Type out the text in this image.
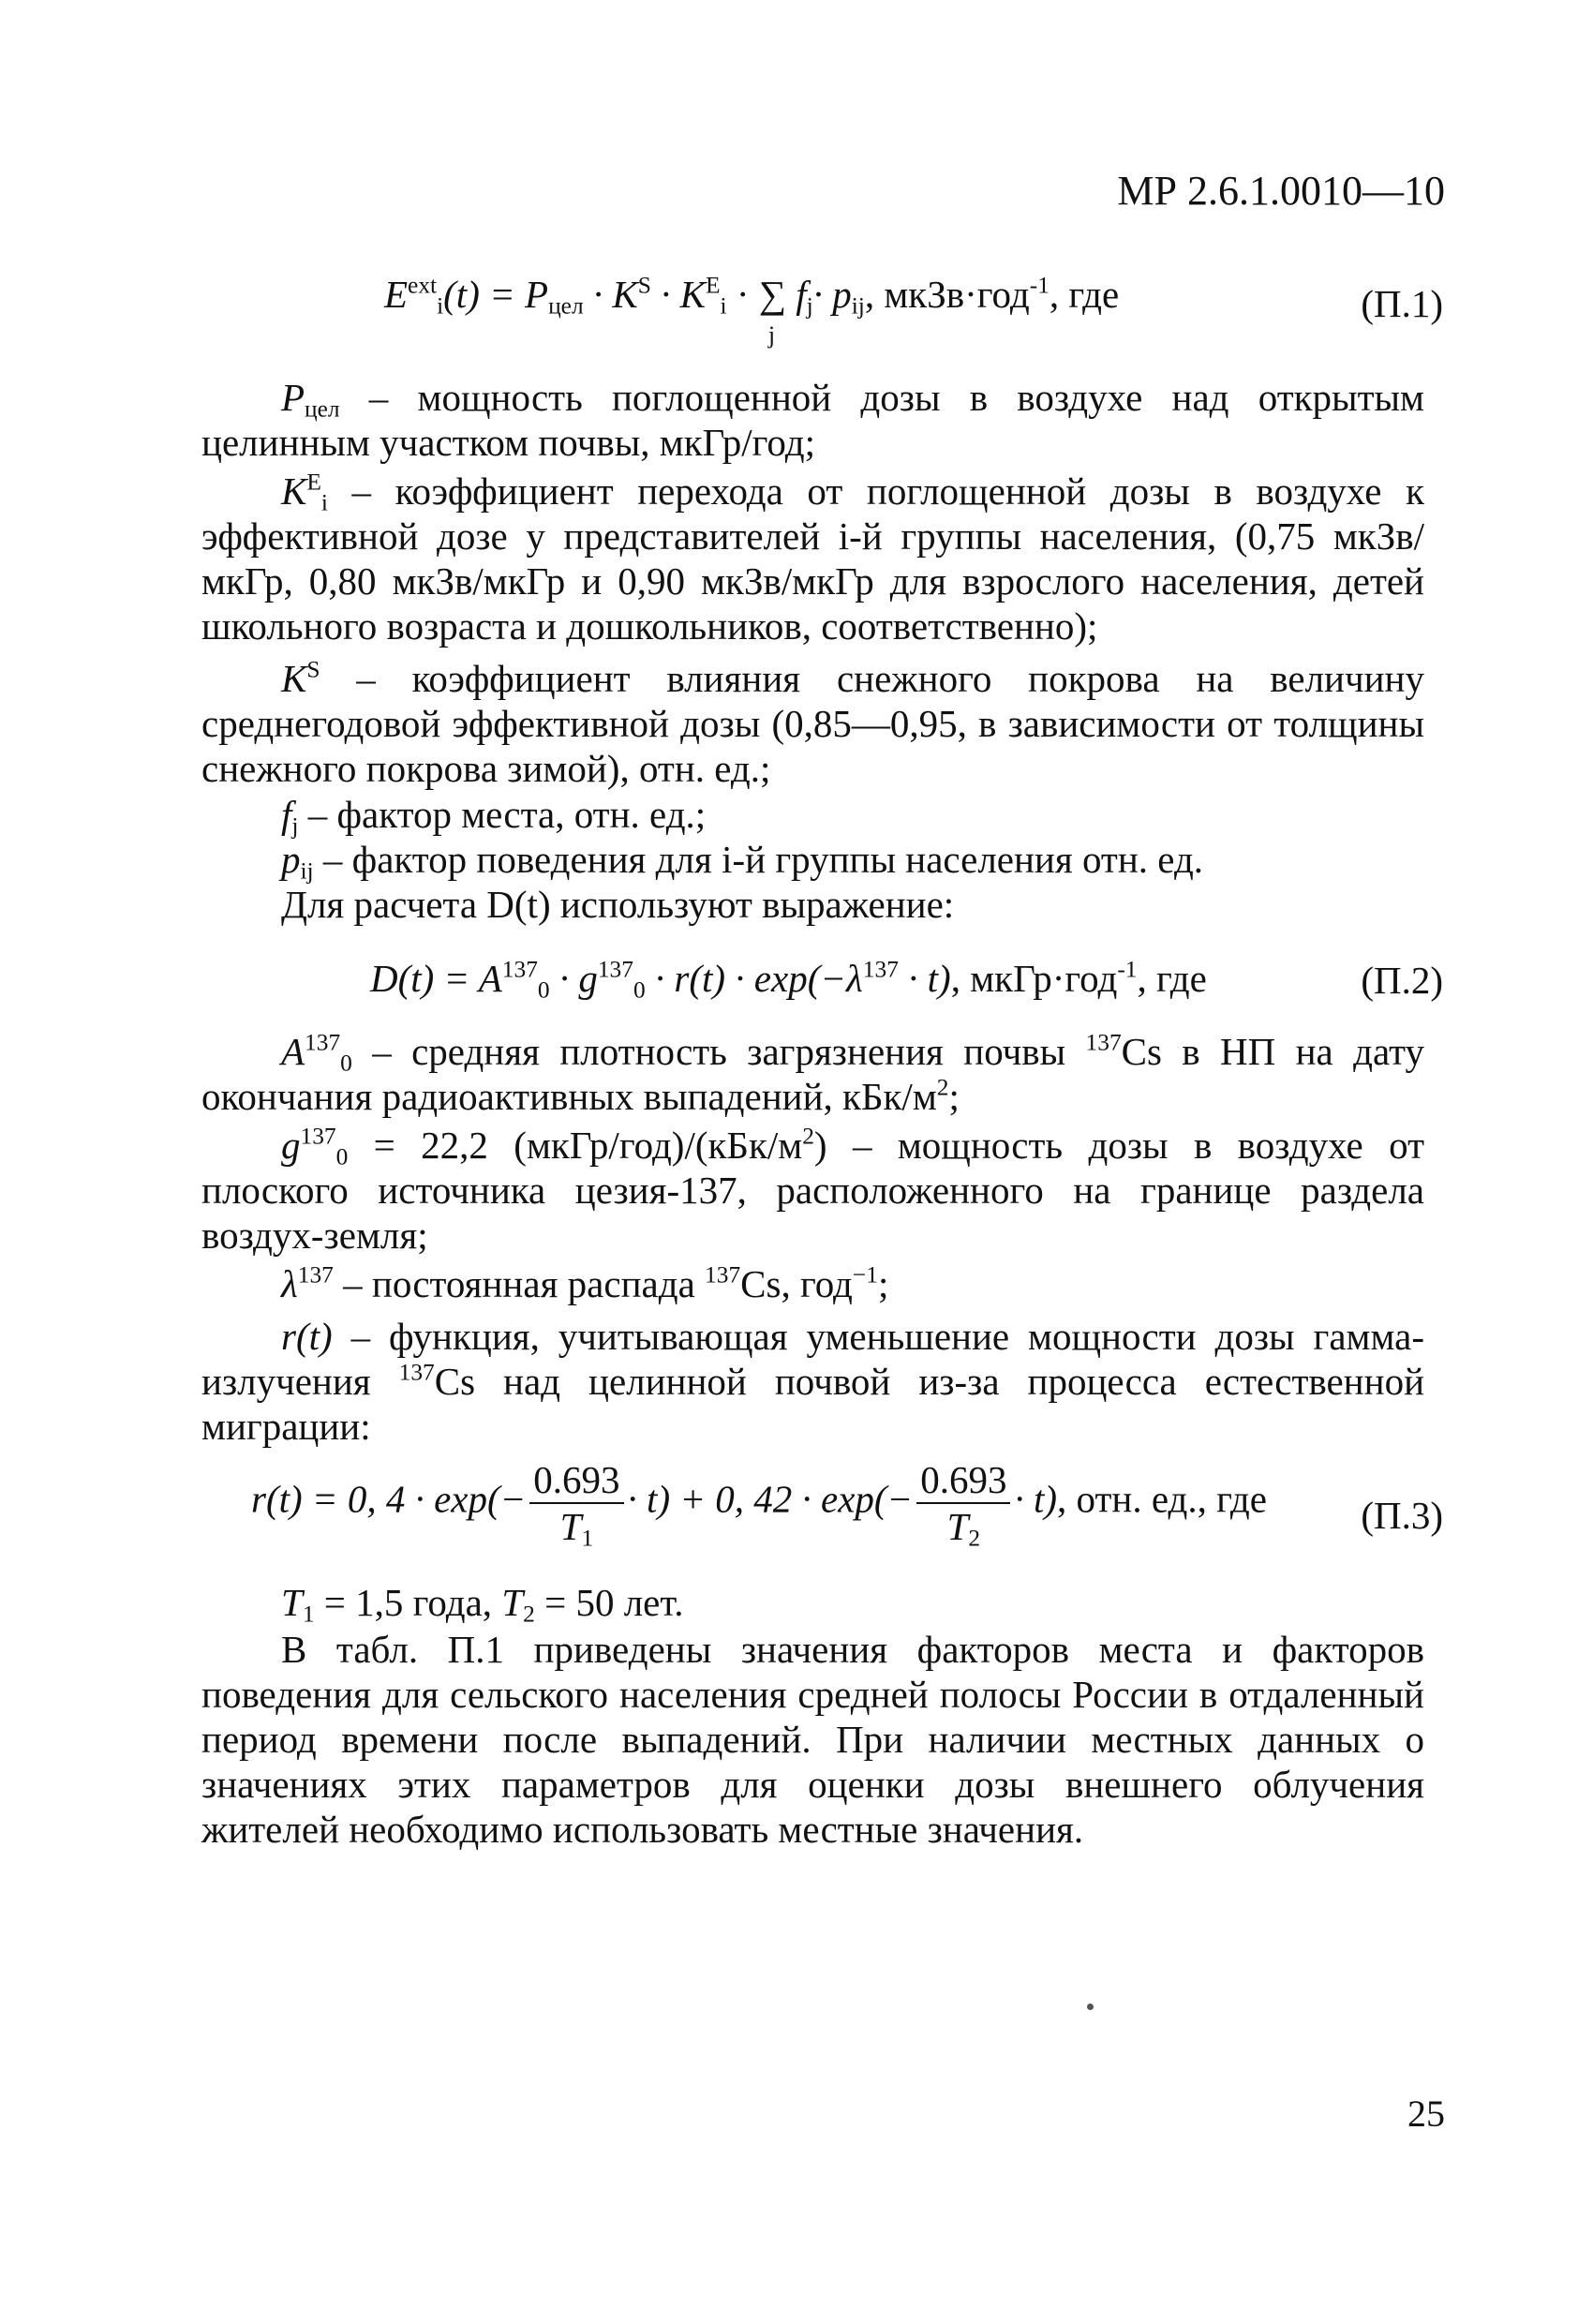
МР 2.6.1.0010—10
$E^{ext}_i(t) = P_{цел} \cdot K^S \cdot K^E_i$ · ∑
j
$f_j\cdot p_{ij}$, мкЗв·год$^{-1}$, где	(П.1)
$P_{цел}$ – мощность поглощенной дозы в воздухе над открытым целинным участком почвы, мкГр/год;
$K^E_i$ – коэффициент перехода от поглощенной дозы в воздухе к эффективной дозе у представителей i-й группы населения, (0,75 мкЗв/мкГр, 0,80 мкЗв/мкГр и 0,90 мкЗв/мкГр для взрослого населения, детей школьного возраста и дошкольников, соответственно);
$K^S$ – коэффициент влияния снежного покрова на величину среднегодовой эффективной дозы (0,85—0,95, в зависимости от толщины снежного покрова зимой), отн. ед.;
$f_j$ – фактор места, отн. ед.;
$p_{ij}$ – фактор поведения для i-й группы населения отн. ед.
Для расчета D(t) используют выражение:
$D(t) = A^{137}_0 \cdot g^{137}_0 \cdot r(t) \cdot \exp(-\lambda^{137} \cdot t)$, мкГр·год$^{-1}$, где	(П.2)
$A^{137}_0$ – средняя плотность загрязнения почвы $^{137}$Cs в НП на дату окончания радиоактивных выпадений, кБк/$м^2$;
$g^{137}_0 = 22,2$ $(мкГр/год)/(кБк/м^2)$ – мощность дозы в воздухе от плоского источника цезия-137, расположенного на границе раздела воздух-земля;
$\lambda^{137}$ – постоянная распада $^{137}$Cs, год$^{-1}$;
r(t) – функция, учитывающая уменьшение мощности дозы гамма-излучения $^{137}$Cs над целинной почвой из-за процесса естественной миграции:
r(t) = 0, $4 \cdot \exp(- \frac{0.693}{T_1} \cdot t) + 0$, $42 \cdot \exp(- \frac{0.693}{T_2} \cdot t)$, отн. ед., где (П.3)
$T_1 = 1,5$ года, $T_2 = 50$ лет.
В табл. П.1 приведены значения факторов места и факторов поведения для сельского населения средней полосы России в отдаленный период времени после выпадений. При наличии местных данных о значениях этих параметров для оценки дозы внешнего облучения жителей необходимо использовать местные значения.
25
